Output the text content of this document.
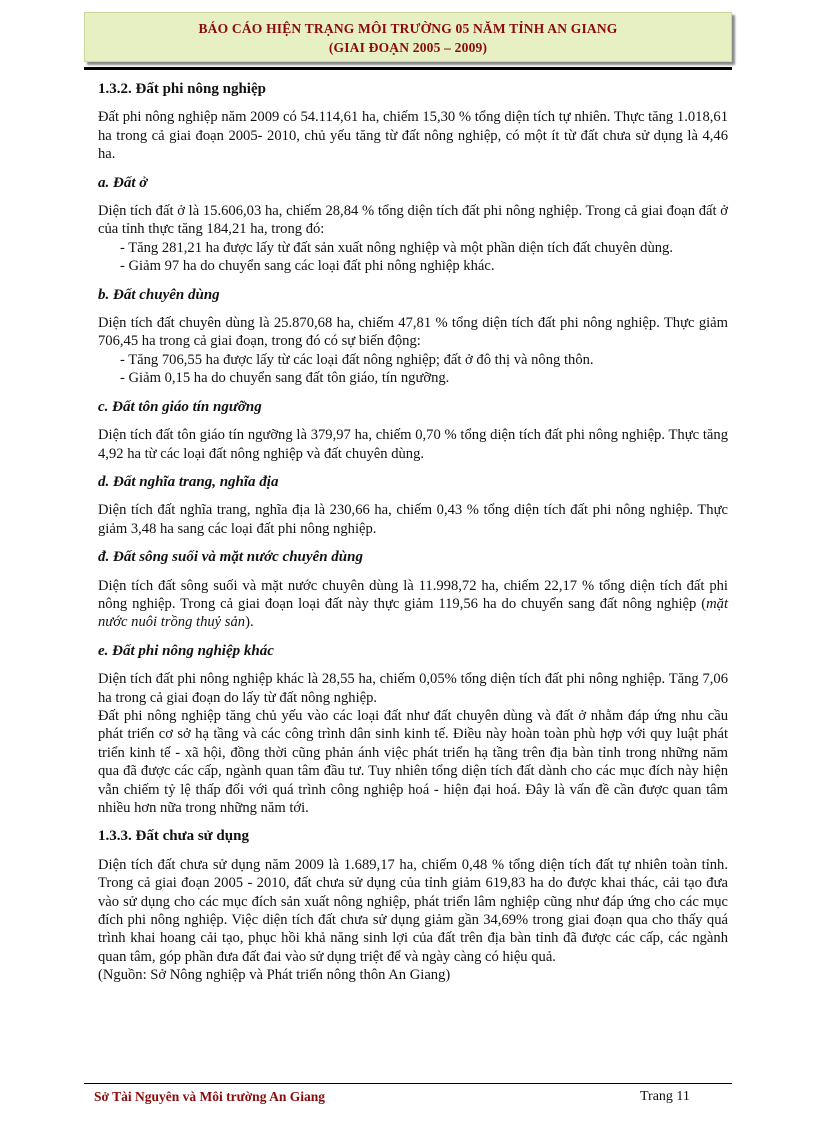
BÁO CÁO HIỆN TRẠNG MÔI TRƯỜNG 05 NĂM TỈNH AN GIANG
(GIAI ĐOẠN 2005 – 2009)
1.3.2. Đất phi nông nghiệp

Đất phi nông nghiệp năm 2009 có 54.114,61 ha, chiếm 15,30 % tổng diện tích tự nhiên. Thực tăng 1.018,61 ha trong cả giai đoạn 2005- 2010, chủ yếu tăng từ đất nông nghiệp, có một ít từ đất chưa sử dụng là 4,46 ha.

a. Đất ở

Diện tích đất ở là 15.606,03 ha, chiếm 28,84 % tổng diện tích đất phi nông nghiệp. Trong cả giai đoạn đất ở của tỉnh thực tăng 184,21 ha, trong đó:

- Tăng 281,21 ha được lấy từ đất sản xuất nông nghiệp và một phần diện tích đất chuyên dùng.

- Giảm 97 ha do chuyển sang các loại đất phi nông nghiệp khác.

b. Đất chuyên dùng

Diện tích đất chuyên dùng là 25.870,68 ha, chiếm 47,81 % tổng diện tích đất phi nông nghiệp. Thực giảm 706,45 ha trong cả giai đoạn, trong đó có sự biến động:

- Tăng 706,55 ha được lấy từ các loại đất nông nghiệp; đất ở đô thị và nông thôn.

- Giảm 0,15 ha do chuyển sang đất tôn giáo, tín ngưỡng.

c. Đất tôn giáo tín ngưỡng

Diện tích đất tôn giáo tín ngưỡng là 379,97 ha, chiếm 0,70 % tổng diện tích đất phi nông nghiệp. Thực tăng 4,92 ha từ các loại đất nông nghiệp và đất chuyên dùng.

d. Đất nghĩa trang, nghĩa địa

Diện tích đất nghĩa trang, nghĩa địa là 230,66 ha, chiếm 0,43 % tổng diện tích đất phi nông nghiệp. Thực giảm 3,48 ha sang các loại đất phi nông nghiệp.

đ. Đất sông suối và mặt nước chuyên dùng

Diện tích đất sông suối và mặt nước chuyên dùng là 11.998,72 ha, chiếm 22,17 % tổng diện tích đất phi nông nghiệp. Trong cả giai đoạn loại đất này thực giảm 119,56 ha do chuyển sang đất nông nghiệp (mặt nước nuôi trồng thuỷ sản).

e. Đất phi nông nghiệp khác

Diện tích đất phi nông nghiệp khác là 28,55 ha, chiếm 0,05% tổng diện tích đất phi nông nghiệp. Tăng 7,06 ha trong cả giai đoạn do lấy từ đất nông nghiệp.

Đất phi nông nghiệp tăng chủ yếu vào các loại đất như đất chuyên dùng và đất ở nhằm đáp ứng nhu cầu phát triển cơ sở hạ tầng và các công trình dân sinh kinh tế. Điều này hoàn toàn phù hợp với quy luật phát triển kinh tế - xã hội, đồng thời cũng phản ánh việc phát triển hạ tầng trên địa bàn tỉnh trong những năm qua đã được các cấp, ngành quan tâm đầu tư. Tuy nhiên tổng diện tích đất dành cho các mục đích này hiện vẫn chiếm tỷ lệ thấp đối với quá trình công nghiệp hoá - hiện đại hoá. Đây là vấn đề cần được quan tâm nhiều hơn nữa trong những năm tới.

1.3.3. Đất chưa sử dụng

Diện tích đất chưa sử dụng năm 2009 là 1.689,17 ha, chiếm 0,48 % tổng diện tích đất tự nhiên toàn tỉnh. Trong cả giai đoạn 2005 - 2010, đất chưa sử dụng của tỉnh giảm 619,83 ha do được khai thác, cải tạo đưa vào sử dụng cho các mục đích sản xuất nông nghiệp, phát triển lâm nghiệp cũng như đáp ứng cho các mục đích phi nông nghiệp. Việc diện tích đất chưa sử dụng giảm gần 34,69% trong giai đoạn qua cho thấy quá trình khai hoang cải tạo, phục hồi khả năng sinh lợi của đất trên địa bàn tỉnh đã được các cấp, các ngành quan tâm, góp phần đưa đất đai vào sử dụng triệt để và ngày càng có hiệu quả.

(Nguồn: Sở Nông nghiệp và Phát triển nông thôn An Giang)

Sở Tài Nguyên và Môi trường An Giang	Trang 11
